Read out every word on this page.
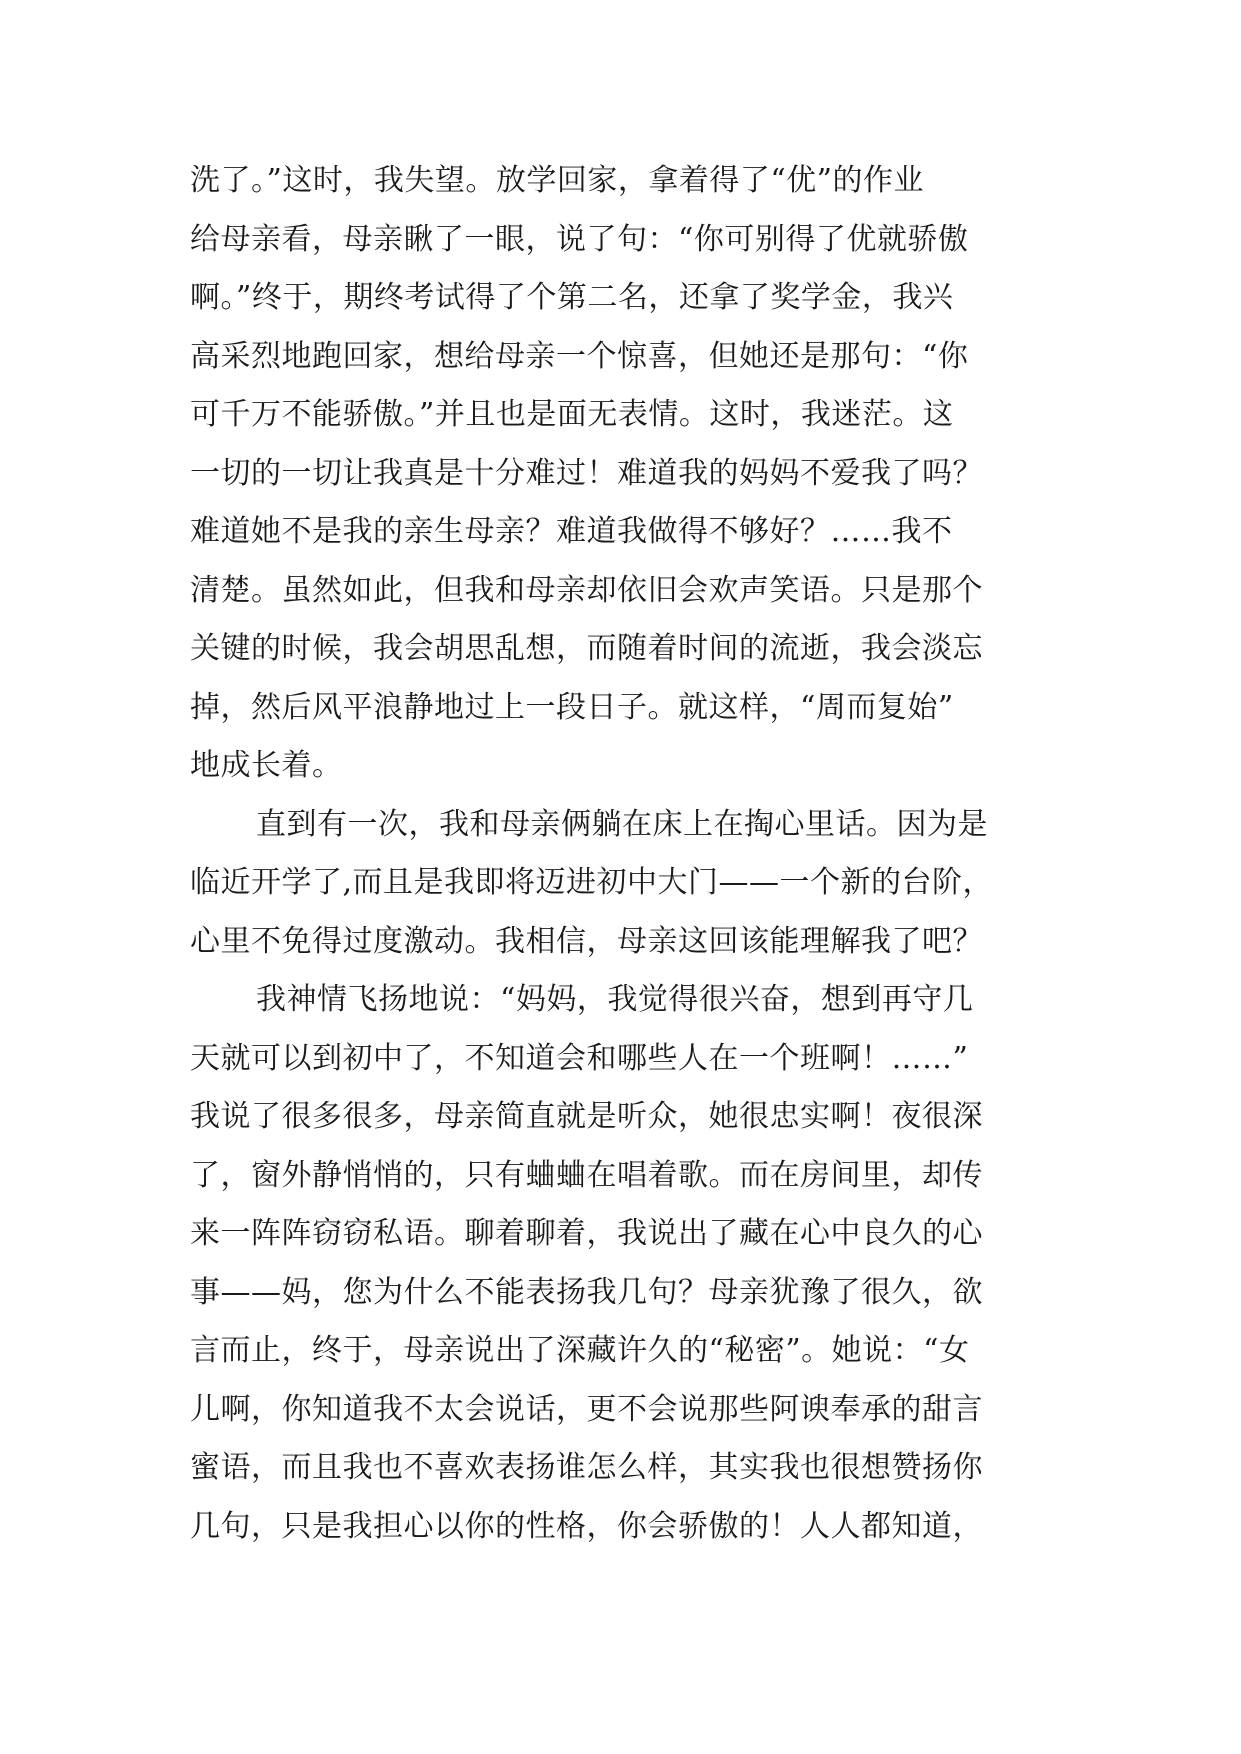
洗了。”这时，我失望。放学回家，拿着得了“优”的作业
给母亲看，母亲瞅了一眼，说了句：“你可别得了优就骄傲
啊。”终于，期终考试得了个第二名，还拿了奖学金，我兴
高采烈地跑回家，想给母亲一个惊喜，但她还是那句：“你
可千万不能骄傲。”并且也是面无表情。这时，我迷茫。这
一切的一切让我真是十分难过！难道我的妈妈不爱我了吗？
难道她不是我的亲生母亲？难道我做得不够好？……我不
清楚。虽然如此，但我和母亲却依旧会欢声笑语。只是那个
关键的时候，我会胡思乱想，而随着时间的流逝，我会淡忘
掉，然后风平浪静地过上一段日子。就这样，“周而复始”
地成长着。
直到有一次，我和母亲俩躺在床上在掏心里话。因为是
临近开学了,而且是我即将迈进初中大门——一个新的台阶，
心里不免得过度激动。我相信，母亲这回该能理解我了吧？
我神情飞扬地说：“妈妈，我觉得很兴奋，想到再守几
天就可以到初中了，不知道会和哪些人在一个班啊！……”
我说了很多很多，母亲简直就是听众，她很忠实啊！夜很深
了，窗外静悄悄的，只有蛐蛐在唱着歌。而在房间里，却传
来一阵阵窃窃私语。聊着聊着，我说出了藏在心中良久的心
事——妈，您为什么不能表扬我几句？母亲犹豫了很久，欲
言而止，终于，母亲说出了深藏许久的“秘密”。她说：“女
儿啊，你知道我不太会说话，更不会说那些阿谀奉承的甜言
蜜语，而且我也不喜欢表扬谁怎么样，其实我也很想赞扬你
几句，只是我担心以你的性格，你会骄傲的！人人都知道，
